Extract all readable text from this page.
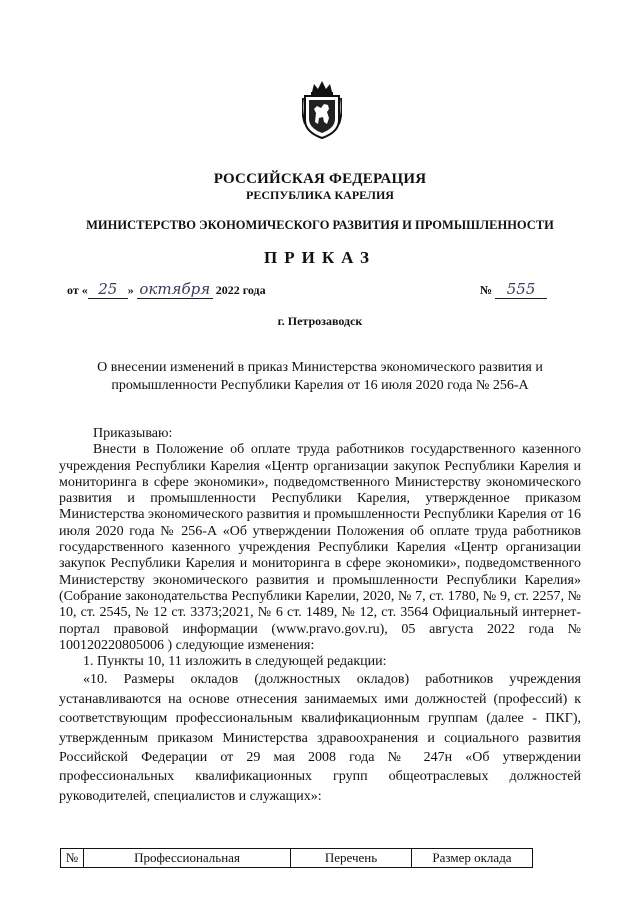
РОССИЙСКАЯ ФЕДЕРАЦИЯ
РЕСПУБЛИКА КАРЕЛИЯ
МИНИСТЕРСТВО ЭКОНОМИЧЕСКОГО РАЗВИТИЯ И ПРОМЫШЛЕННОСТИ
ПРИКАЗ
от « 25 » октября 2022 года	№ 555
г. Петрозаводск
О внесении изменений в приказ Министерства экономического развития и промышленности Республики Карелия от 16 июля 2020 года № 256-А

Приказываю:

Внести в Положение об оплате труда работников государственного казенного учреждения Республики Карелия «Центр организации закупок Республики Карелия и мониторинга в сфере экономики», подведомственного Министерству экономического развития и промышленности Республики Карелия, утвержденное приказом Министерства экономического развития и промышленности Республики Карелия от 16 июля 2020 года № 256-А «Об утверждении Положения об оплате труда работников государственного казенного учреждения Республики Карелия «Центр организации закупок Республики Карелия и мониторинга в сфере экономики», подведомственного Министерству экономического развития и промышленности Республики Карелия» (Собрание законодательства Республики Карелии, 2020, № 7, ст. 1780, № 9, ст. 2257, № 10, ст. 2545, № 12 ст. 3373;2021, № 6 ст. 1489, № 12, ст. 3564 Официальный интернет-портал правовой информации (www.pravo.gov.ru), 05 августа 2022 года № 100120220805006 ) следующие изменения:

1. Пункты 10, 11 изложить в следующей редакции:

«10. Размеры окладов (должностных окладов) работников учреждения устанавливаются на основе отнесения занимаемых ими должностей (профессий) к соответствующим профессиональным квалификационным группам (далее - ПКГ), утвержденным приказом Министерства здравоохранения и социального развития Российской Федерации от 29 мая 2008 года № 247н «Об утверждении профессиональных квалификационных групп общеотраслевых должностей руководителей, специалистов и служащих»:

№	Профессиональная	Перечень	Размер оклада
